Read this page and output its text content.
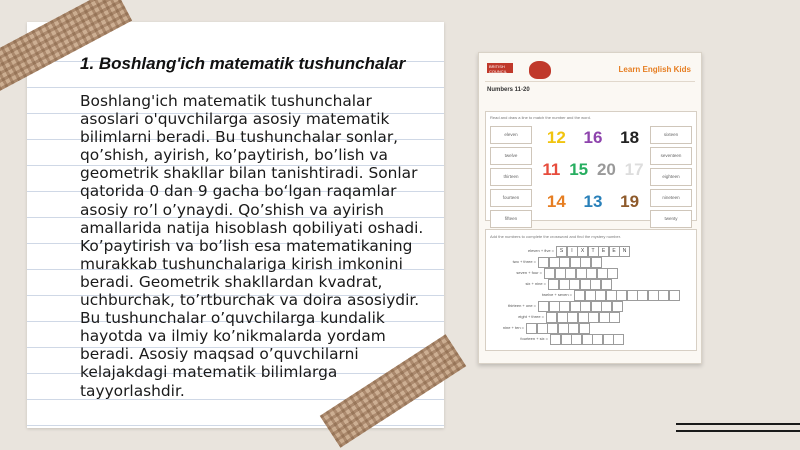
1. Boshlang'ich matematik tushunchalar
Boshlang'ich matematik tushunchalar asoslari o'quvchilarga asosiy matematik bilimlarni beradi. Bu tushunchalar sonlar, qo’shish, ayirish, ko’paytirish, bo’lish va geometrik shakllar bilan tanishtiradi. Sonlar qatorida 0 dan 9 gacha bo‘lgan raqamlar asosiy ro’l o’ynaydi. Qo’shish va ayirish amallarida natija hisoblash qobiliyati oshadi. Ko’paytirish va bo’lish esa matematikaning murakkab tushunchalariga kirish imkonini beradi. Geometrik shakllardan kvadrat, uchburchak, to’rtburchak va doira asosiydir. Bu tushunchalar o’quvchilarga kundalik hayotda va ilmiy ko’nikmalarda yordam beradi. Asosiy maqsad o’quvchilarni kelajakdagi matematik bilimlarga tayyorlashdir.
BRITISH COUNCIL	Learn English Kids
Numbers 11-20
Read and draw a line to match the number and the word.
eleven
twelve
thirteen
fourteen
fifteen
12 16 18
11 15 20 17
14 13 19
sixteen
seventeen
eighteen
nineteen
twenty
Add the numbers to complete the crossword and find the mystery number.
eleven + five =	S	I	X	T	E	E	N
two + three =
seven + four =
six + nine =
twelve + seven =
thirteen + one =
eight + three =
nine + ten =
fourteen + six =
